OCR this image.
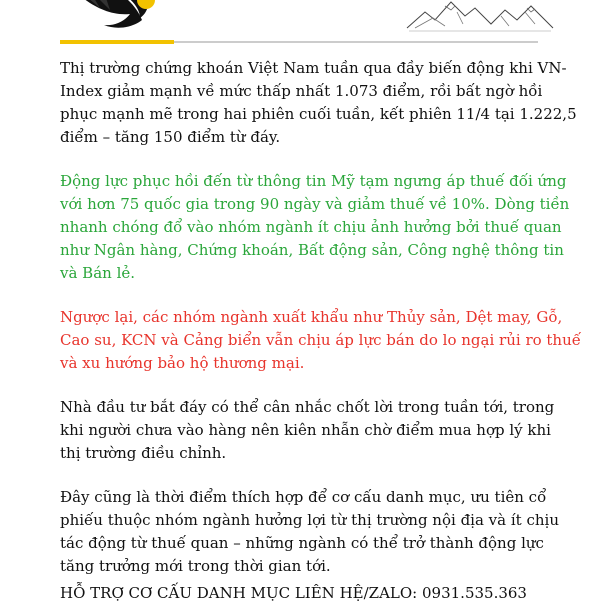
Thị trường chứng khoán Việt Nam tuần qua đầy biến động khi VN-
Index giảm mạnh về mức thấp nhất 1.073 điểm, rồi bất ngờ hồi
phục mạnh mẽ trong hai phiên cuối tuần, kết phiên 11/4 tại 1.222,5
điểm – tăng 150 điểm từ đáy.

Động lực phục hồi đến từ thông tin Mỹ tạm ngưng áp thuế đối ứng
với hơn 75 quốc gia trong 90 ngày và giảm thuế về 10%. Dòng tiền
nhanh chóng đổ vào nhóm ngành ít chịu ảnh hưởng bởi thuế quan
như Ngân hàng, Chứng khoán, Bất động sản, Công nghệ thông tin
và Bán lẻ.

Ngược lại, các nhóm ngành xuất khẩu như Thủy sản, Dệt may, Gỗ,
Cao su, KCN và Cảng biển vẫn chịu áp lực bán do lo ngại rủi ro thuế
và xu hướng bảo hộ thương mại.

Nhà đầu tư bắt đáy có thể cân nhắc chốt lời trong tuần tới, trong
khi người chưa vào hàng nên kiên nhẫn chờ điểm mua hợp lý khi
thị trường điều chỉnh.

Đây cũng là thời điểm thích hợp để cơ cấu danh mục, ưu tiên cổ
phiếu thuộc nhóm ngành hưởng lợi từ thị trường nội địa và ít chịu
tác động từ thuế quan – những ngành có thể trở thành động lực
tăng trưởng mới trong thời gian tới.

HỖ TRỢ CƠ CẤU DANH MỤC LIÊN HỆ/ZALO: 0931.535.363
